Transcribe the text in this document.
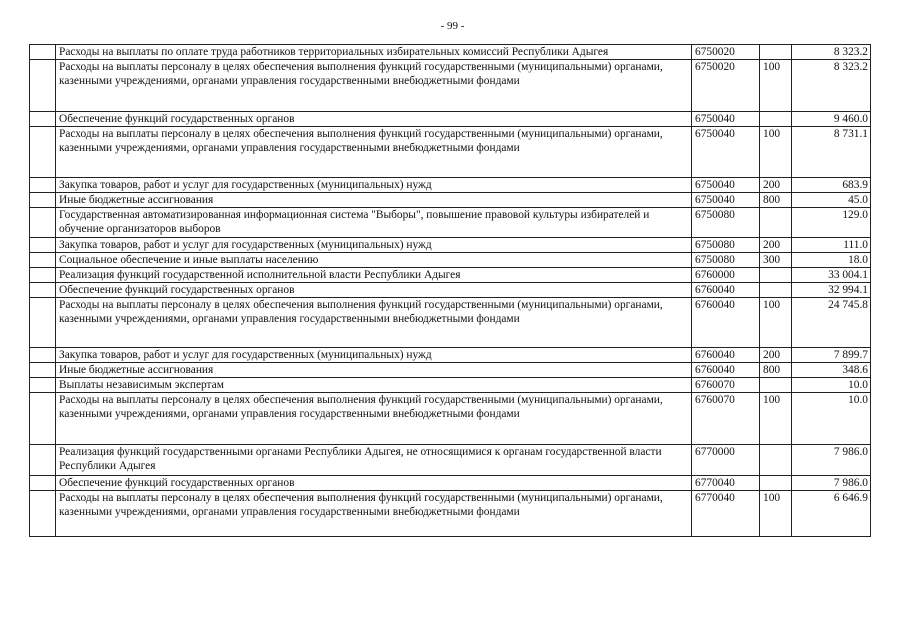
- 99 -
	Расходы на выплаты по оплате труда работников территориальных избирательных комиссий Республики Адыгея	6750020		8 323.2
	Расходы на выплаты персоналу в целях обеспечения выполнения функций государственными (муниципальными) органами, казенными учреждениями, органами управления государственными внебюджетными фондами	6750020	100	8 323.2
	Обеспечение функций государственных органов	6750040		9 460.0
	Расходы на выплаты персоналу в целях обеспечения выполнения функций государственными (муниципальными) органами, казенными учреждениями, органами управления государственными внебюджетными фондами	6750040	100	8 731.1
	Закупка товаров, работ и услуг для государственных (муниципальных) нужд	6750040	200	683.9
	Иные бюджетные ассигнования	6750040	800	45.0
	Государственная автоматизированная информационная система "Выборы", повышение правовой культуры избирателей и обучение организаторов выборов	6750080		129.0
	Закупка товаров, работ и услуг для государственных (муниципальных) нужд	6750080	200	111.0
	Социальное обеспечение и иные выплаты населению	6750080	300	18.0
	Реализация функций государственной исполнительной власти Республики Адыгея	6760000		33 004.1
	Обеспечение функций государственных органов	6760040		32 994.1
	Расходы на выплаты персоналу в целях обеспечения выполнения функций государственными (муниципальными) органами, казенными учреждениями, органами управления государственными внебюджетными фондами	6760040	100	24 745.8
	Закупка товаров, работ и услуг для государственных (муниципальных) нужд	6760040	200	7 899.7
	Иные бюджетные ассигнования	6760040	800	348.6
	Выплаты независимым экспертам	6760070		10.0
	Расходы на выплаты персоналу в целях обеспечения выполнения функций государственными (муниципальными) органами, казенными учреждениями, органами управления государственными внебюджетными фондами	6760070	100	10.0
	Реализация функций государственными органами Республики Адыгея, не относящимися к органам государственной власти Республики Адыгея	6770000		7 986.0
	Обеспечение функций государственных органов	6770040		7 986.0
	Расходы на выплаты персоналу в целях обеспечения выполнения функций государственными (муниципальными) органами, казенными учреждениями, органами управления государственными внебюджетными фондами	6770040	100	6 646.9
